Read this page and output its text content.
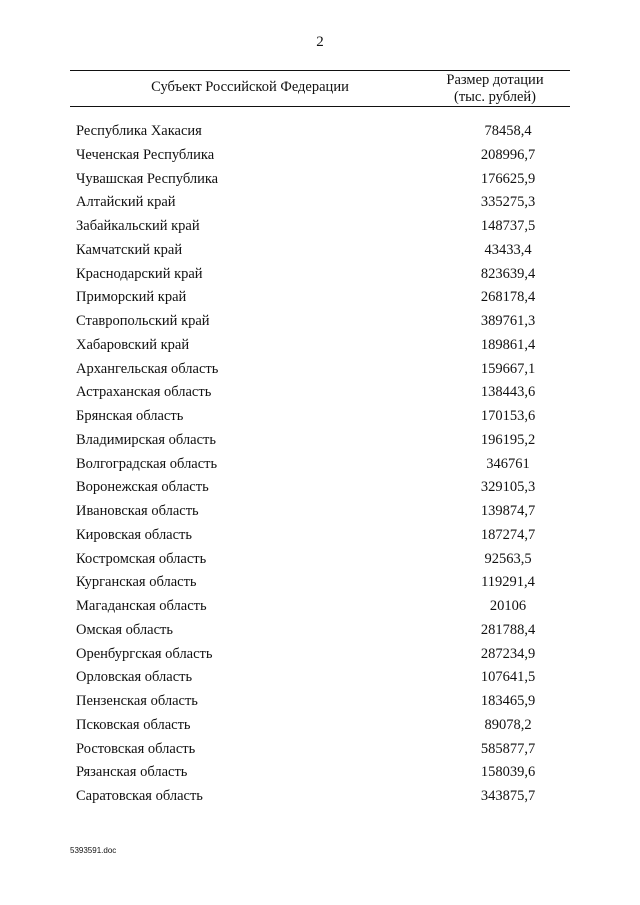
2
Субъект Российской Федерации	Размер дотации
(тыс. рублей)
Республика Хакасия	78458,4
Чеченская Республика	208996,7
Чувашская Республика	176625,9
Алтайский край	335275,3
Забайкальский край	148737,5
Камчатский край	43433,4
Краснодарский край	823639,4
Приморский край	268178,4
Ставропольский край	389761,3
Хабаровский край	189861,4
Архангельская область	159667,1
Астраханская область	138443,6
Брянская область	170153,6
Владимирская область	196195,2
Волгоградская область	346761
Воронежская область	329105,3
Ивановская область	139874,7
Кировская область	187274,7
Костромская область	92563,5
Курганская область	119291,4
Магаданская область	20106
Омская область	281788,4
Оренбургская область	287234,9
Орловская область	107641,5
Пензенская область	183465,9
Псковская область	89078,2
Ростовская область	585877,7
Рязанская область	158039,6
Саратовская область	343875,7
5393591.doc
